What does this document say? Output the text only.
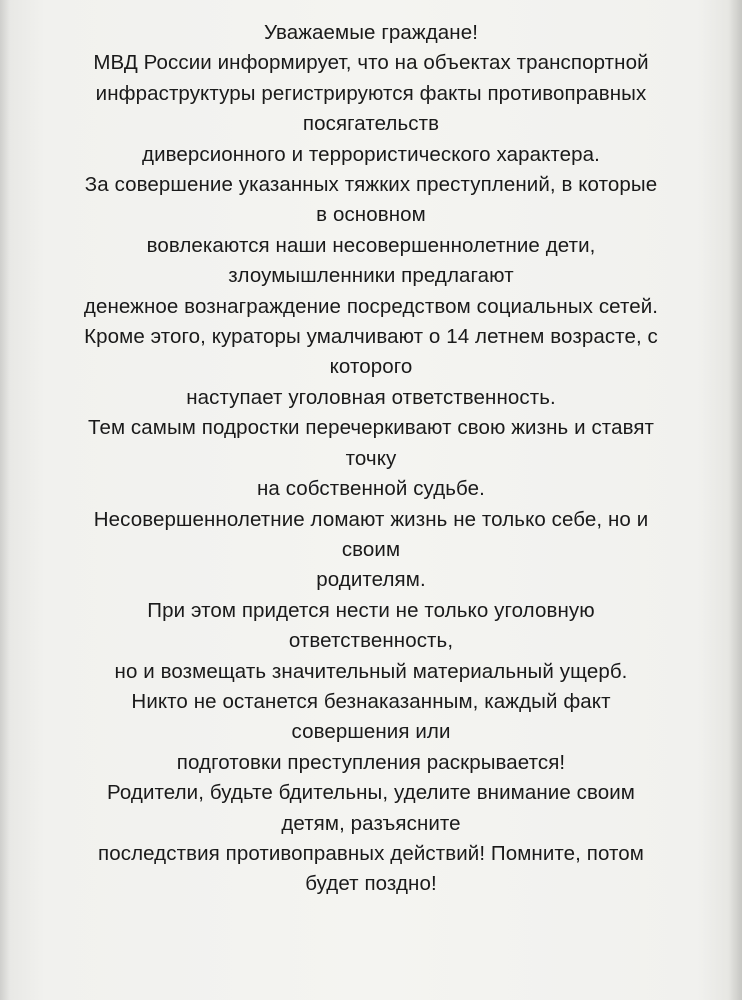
Уважаемые граждане!
МВД России информирует, что на объектах транспортной
инфраструктуры регистрируются факты противоправных
посягательств
диверсионного и террористического характера.
За совершение указанных тяжких преступлений, в которые
в основном
вовлекаются наши несовершеннолетние дети,
злоумышленники предлагают
денежное вознаграждение посредством социальных сетей.
Кроме этого, кураторы умалчивают о 14 летнем возрасте, с
которого
наступает уголовная ответственность.
Тем самым подростки перечеркивают свою жизнь и ставят
точку
на собственной судьбе.
Несовершеннолетние ломают жизнь не только себе, но и
своим
родителям.
При этом придется нести не только уголовную
ответственность,
но и возмещать значительный материальный ущерб.
Никто не останется безнаказанным, каждый факт
совершения или
подготовки преступления раскрывается!
Родители, будьте бдительны, уделите внимание своим
детям, разъясните
последствия противоправных действий! Помните, потом
будет поздно!
